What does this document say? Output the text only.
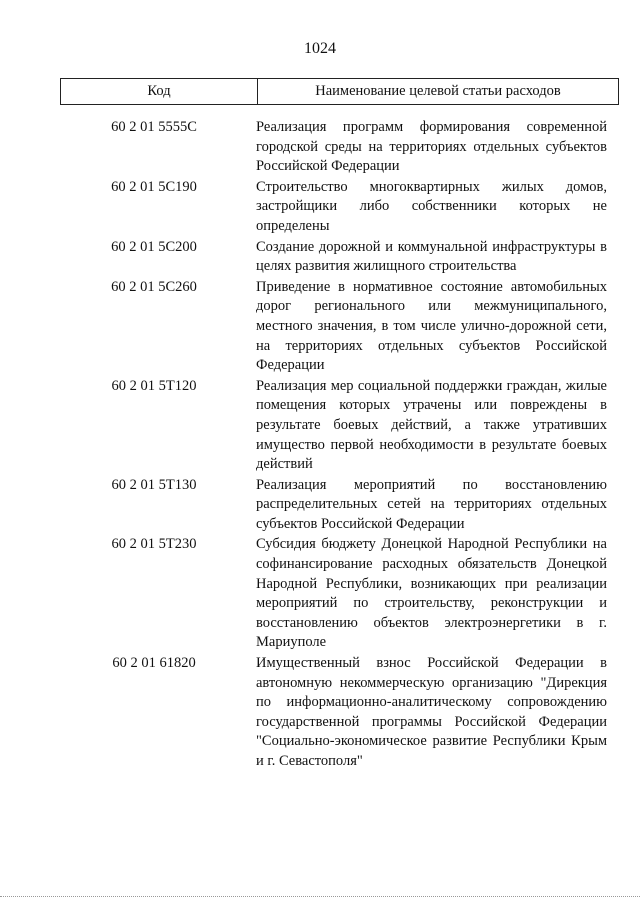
1024
Код	Наименование целевой статьи расходов
60 2 01 5555C	Реализация программ формирования современной городской среды на территориях отдельных субъектов Российской Федерации
60 2 01 5C190	Строительство многоквартирных жилых домов, застройщики либо собственники которых не определены
60 2 01 5C200	Создание дорожной и коммунальной инфраструктуры в целях развития жилищного строительства
60 2 01 5C260	Приведение в нормативное состояние автомобильных дорог регионального или межмуниципального, местного значения, в том числе улично-дорожной сети, на территориях отдельных субъектов Российской Федерации
60 2 01 5T120	Реализация мер социальной поддержки граждан, жилые помещения которых утрачены или повреждены в результате боевых действий, а также утративших имущество первой необходимости в результате боевых действий
60 2 01 5T130	Реализация мероприятий по восстановлению распределительных сетей на территориях отдельных субъектов Российской Федерации
60 2 01 5T230	Субсидия бюджету Донецкой Народной Республики на софинансирование расходных обязательств Донецкой Народной Республики, возникающих при реализации мероприятий по строительству, реконструкции и восстановлению объектов электроэнергетики в г. Мариуполе
60 2 01 61820	Имущественный взнос Российской Федерации в автономную некоммерческую организацию "Дирекция по информационно-аналитическому сопровождению государственной программы Российской Федерации "Социально-экономическое развитие Республики Крым и г. Севастополя"
